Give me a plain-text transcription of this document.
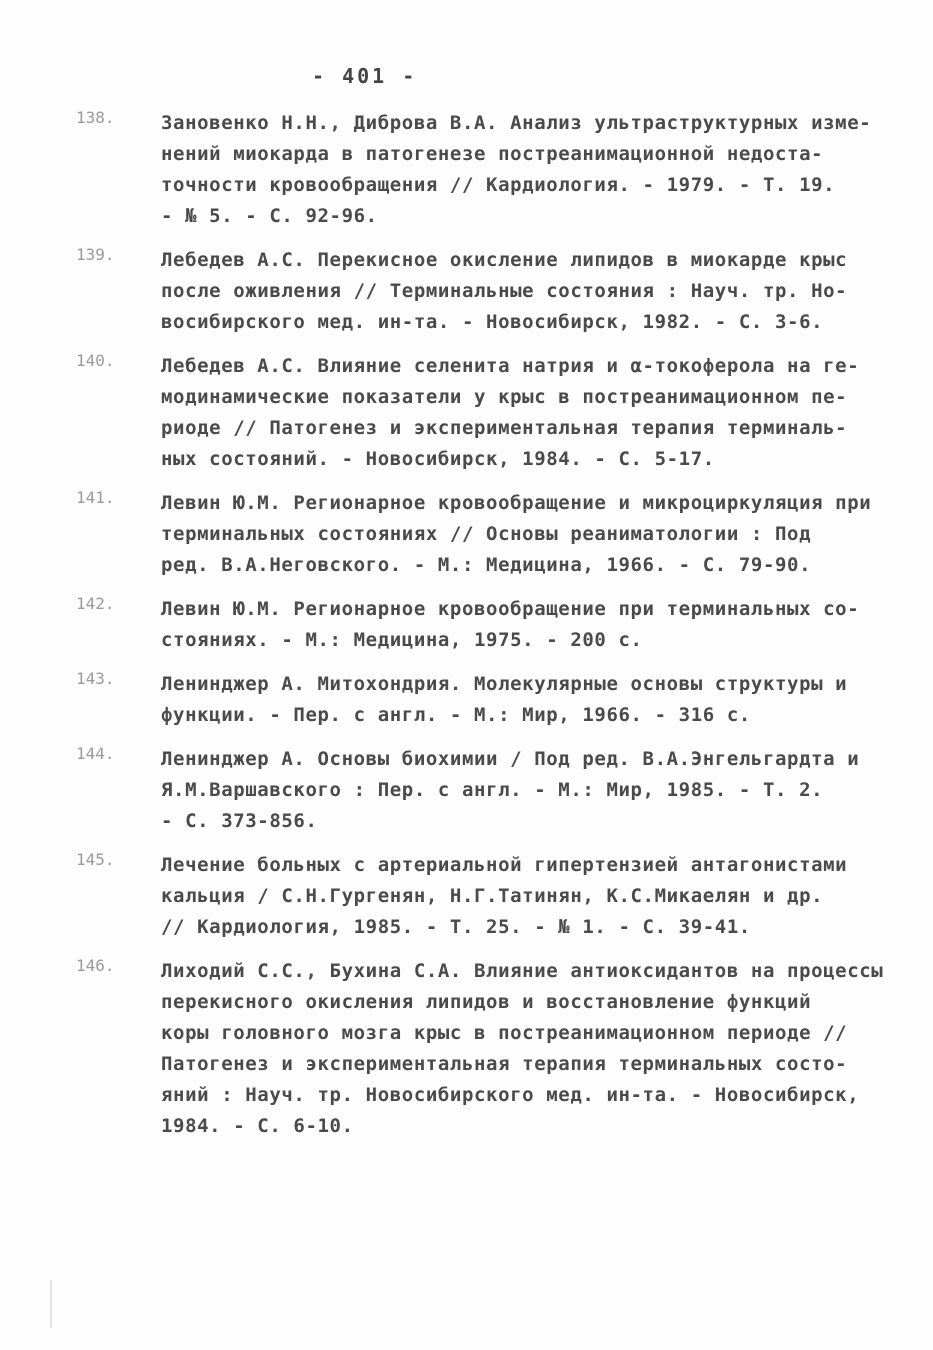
- 401 -
138.	Зановенко Н.Н., Диброва В.А. Анализ ультраструктурных изме-
нений миокарда в патогенезе постреанимационной недоста-
точности кровообращения // Кардиология. - 1979. - Т. 19.
- № 5. - С. 92-96.
139.	Лебедев А.С. Перекисное окисление липидов в миокарде крыс
после оживления // Терминальные состояния : Науч. тр. Но-
восибирского мед. ин-та. - Новосибирск, 1982. - С. 3-6.
140.	Лебедев А.С. Влияние селенита натрия и α-токоферола на ге-
модинамические показатели у крыс в постреанимационном пе-
риоде // Патогенез и экспериментальная терапия терминаль-
ных состояний. - Новосибирск, 1984. - С. 5-17.
141.	Левин Ю.М. Регионарное кровообращение и микроциркуляция при
терминальных состояниях // Основы реаниматологии : Под
ред. В.А.Неговского. - М.: Медицина, 1966. - С. 79-90.
142.	Левин Ю.М. Регионарное кровообращение при терминальных со-
стояниях. - М.: Медицина, 1975. - 200 с.
143.	Ленинджер А. Митохондрия. Молекулярные основы структуры и
функции. - Пер. с англ. - М.: Мир, 1966. - 316 с.
144.	Ленинджер А. Основы биохимии / Под ред. В.А.Энгельгардта и
Я.М.Варшавского : Пер. с англ. - М.: Мир, 1985. - Т. 2.
- С. 373-856.
145.	Лечение больных с артериальной гипертензией антагонистами
кальция / С.Н.Гургенян, Н.Г.Татинян, К.С.Микаелян и др.
// Кардиология, 1985. - Т. 25. - № 1. - С. 39-41.
146.	Лиходий С.С., Бухина С.А. Влияние антиоксидантов на процессы
перекисного окисления липидов и восстановление функций
коры головного мозга крыс в постреанимационном периоде //
Патогенез и экспериментальная терапия терминальных состо-
яний : Науч. тр. Новосибирского мед. ин-та. - Новосибирск,
1984. - С. 6-10.
